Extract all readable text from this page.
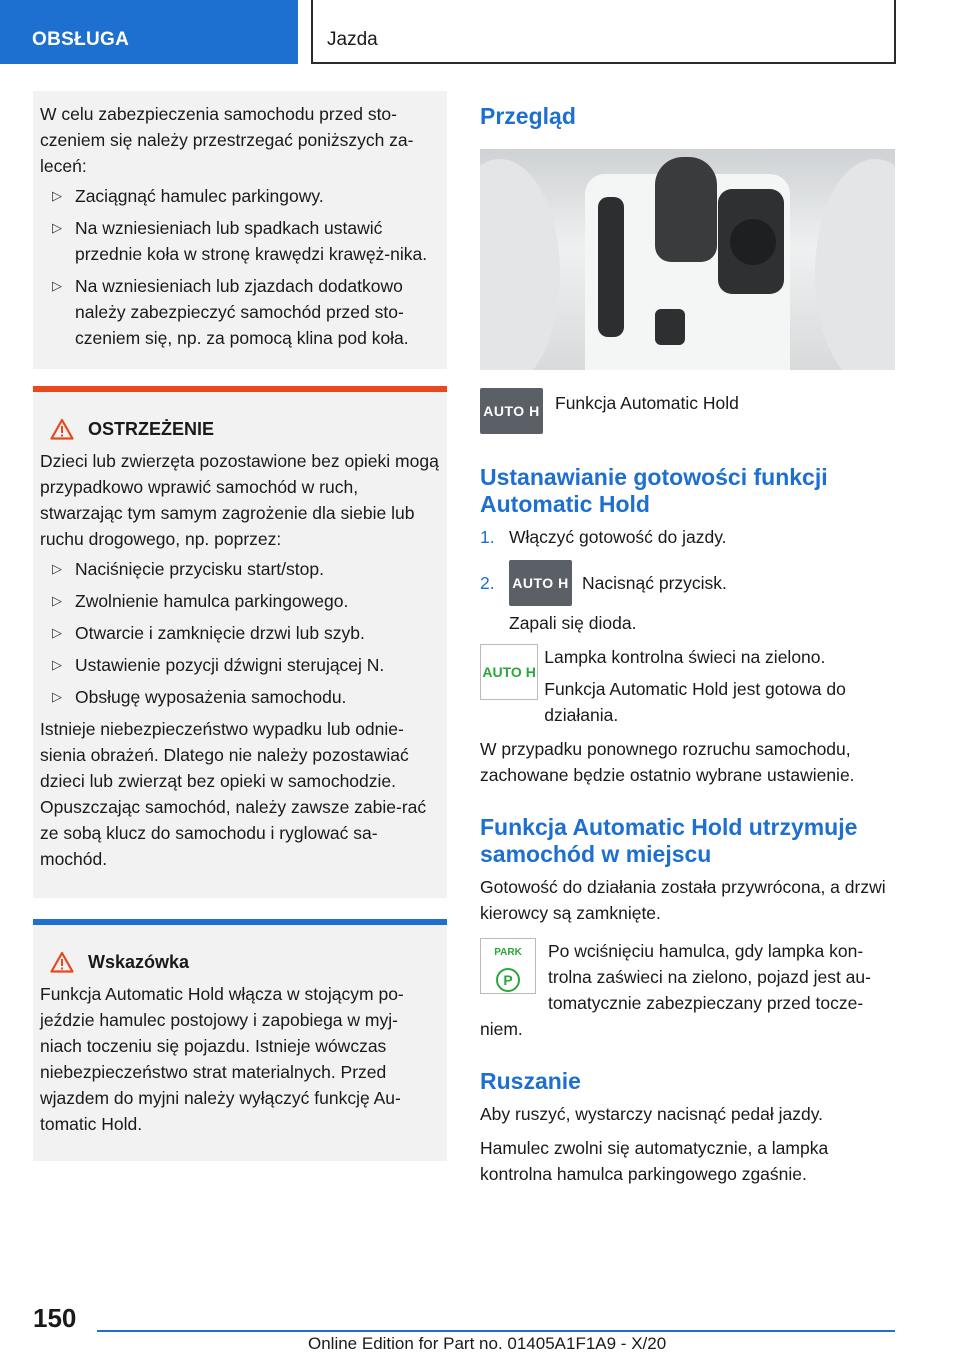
OBSŁUGA	Jazda

W celu zabezpieczenia samochodu przed sto-czeniem się należy przestrzegać poniższych za-leceń:

▷ Zaciągnąć hamulec parkingowy.
▷ Na wzniesieniach lub spadkach ustawić przednie koła w stronę krawędzi krawęż-nika.
▷ Na wzniesieniach lub zjazdach dodatkowo należy zabezpieczyć samochód przed sto-czeniem się, np. za pomocą klina pod koła.
OSTRZEŻENIE

Dzieci lub zwierzęta pozostawione bez opieki mogą przypadkowo wprawić samochód w ruch, stwarzając tym samym zagrożenie dla siebie lub ruchu drogowego, np. poprzez:

▷ Naciśnięcie przycisku start/stop.
▷ Zwolnienie hamulca parkingowego.
▷ Otwarcie i zamknięcie drzwi lub szyb.
▷ Ustawienie pozycji dźwigni sterującej N.
▷ Obsługę wyposażenia samochodu.

Istnieje niebezpieczeństwo wypadku lub odnie-sienia obrażeń. Dlatego nie należy pozostawiać dzieci lub zwierząt bez opieki w samochodzie. Opuszczając samochód, należy zawsze zabie-rać ze sobą klucz do samochodu i ryglować sa-mochód.

Wskazówka

Funkcja Automatic Hold włącza w stojącym po-jeździe hamulec postojowy i zapobiega w myj-niach toczeniu się pojazdu. Istnieje wówczas niebezpieczeństwo strat materialnych. Przed wjazdem do myjni należy wyłączyć funkcję Au-tomatic Hold.

Przegląd
AUTO H Funkcja Automatic Hold
Ustanawianie gotowości funkcji Automatic Hold
1. Włączyć gotowość do jazdy.
2.	AUTO H Nacisnąć przycisk.
Zapali się dioda.
AUTO H

Lampka kontrolna świeci na zielono.

Funkcja Automatic Hold jest gotowa do działania.

W przypadku ponownego rozruchu samochodu, zachowane będzie ostatnio wybrane ustawienie.

Funkcja Automatic Hold utrzymuje samochód w miejscu

Gotowość do działania została przywrócona, a drzwi kierowcy są zamknięte.

PARK
P
Po wciśnięciu hamulca, gdy lampka kon-trolna zaświeci na zielono, pojazd jest au-tomatycznie zabezpieczany przed tocze-niem.
Ruszanie

Aby ruszyć, wystarczy nacisnąć pedał jazdy.

Hamulec zwolni się automatycznie, a lampka kontrolna hamulca parkingowego zgaśnie.

150
Online Edition for Part no. 01405A1F1A9 - X/20
